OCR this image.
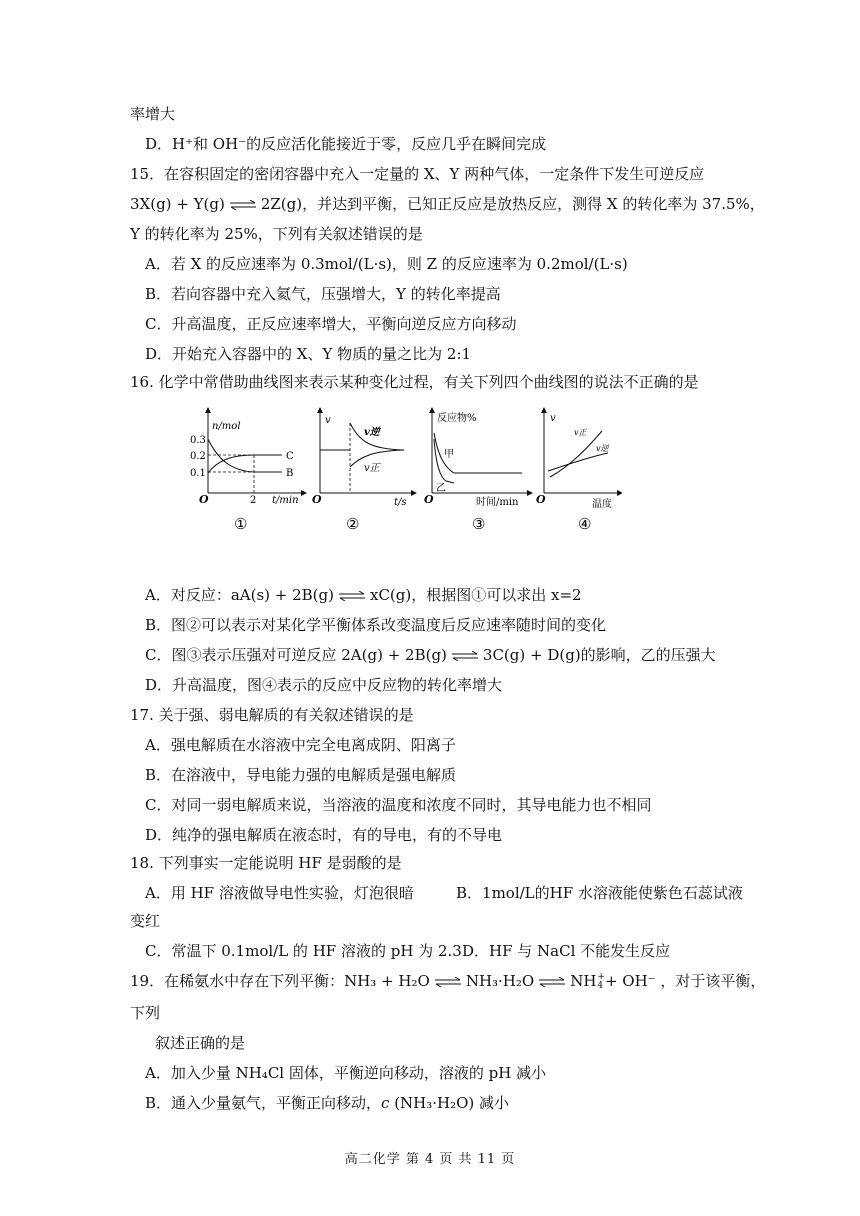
率增大
D．H⁺和 OH⁻的反应活化能接近于零，反应几乎在瞬间完成
15．在容积固定的密闭容器中充入一定量的 X、Y 两种气体，一定条件下发生可逆反应
3X(g) + Y(g) ⇌ 2Z(g)，并达到平衡，已知正反应是放热反应，测得 X 的转化率为 37.5%，
Y 的转化率为 25%，下列有关叙述错误的是
A．若 X 的反应速率为 0.3mol/(L·s)，则 Z 的反应速率为 0.2mol/(L·s)
B．若向容器中充入氦气，压强增大，Y 的转化率提高
C．升高温度，正反应速率增大，平衡向逆反应方向移动
D．开始充入容器中的 X、Y 物质的量之比为 2:1
16. 化学中常借助曲线图来表示某种变化过程，有关下列四个曲线图的说法不正确的是
n/mol
0.3
0.2
0.1
O	2 t/min
C
B
①
v
O	t/s
v逆
v正
②
反应物%
O	时间/min
甲
乙
③
v
O	温度
v正
v逆
④
A．对反应：aA(s) + 2B(g) ⇌ xC(g)，根据图①可以求出 x=2
B．图②可以表示对某化学平衡体系改变温度后反应速率随时间的变化
C．图③表示压强对可逆反应 2A(g) + 2B(g) ⇌ 3C(g) + D(g)的影响，乙的压强大
D．升高温度，图④表示的反应中反应物的转化率增大
17. 关于强、弱电解质的有关叙述错误的是
A．强电解质在水溶液中完全电离成阴、阳离子
B．在溶液中，导电能力强的电解质是强电解质
C．对同一弱电解质来说，当溶液的温度和浓度不同时，其导电能力也不相同
D．纯净的强电解质在液态时，有的导电，有的不导电
18. 下列事实一定能说明 HF 是弱酸的是
A．用 HF 溶液做导电性实验，灯泡很暗	B．1mol/L的HF 水溶液能使紫色石蕊试液
变红
C．常温下 0.1mol/L 的 HF 溶液的 pH 为 2.3 D．HF 与 NaCl 不能发生反应
19．在稀氨水中存在下列平衡：NH₃ + H₂O ⇌ NH₃·H₂O ⇌ NH+
4 + OH⁻ ，对于该平衡，
下列
叙述正确的是
A．加入少量 NH₄Cl 固体，平衡逆向移动，溶液的 pH 减小
B．通入少量氨气，平衡正向移动，c (NH₃·H₂O) 减小
高二化学 第 4 页 共 11 页
